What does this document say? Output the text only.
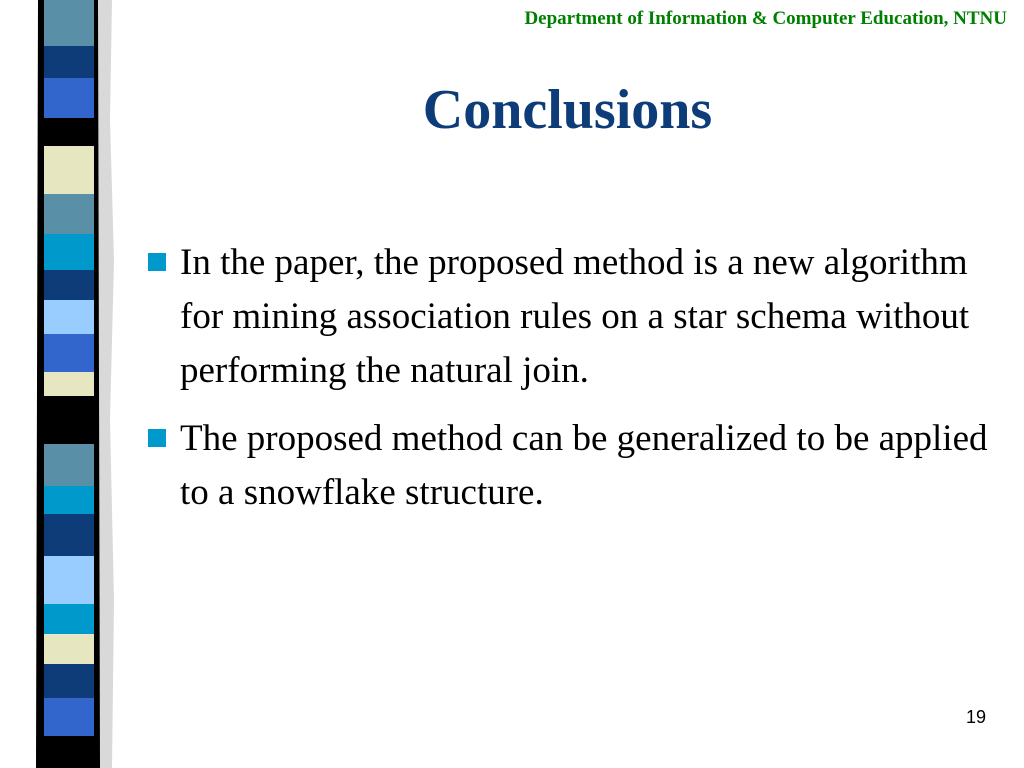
Department of Information & Computer Education, NTNU
Conclusions
In the paper, the proposed method is a new algorithm for mining association rules on a star schema without performing the natural join.
The proposed method can be generalized to be applied to a snowflake structure.
19
